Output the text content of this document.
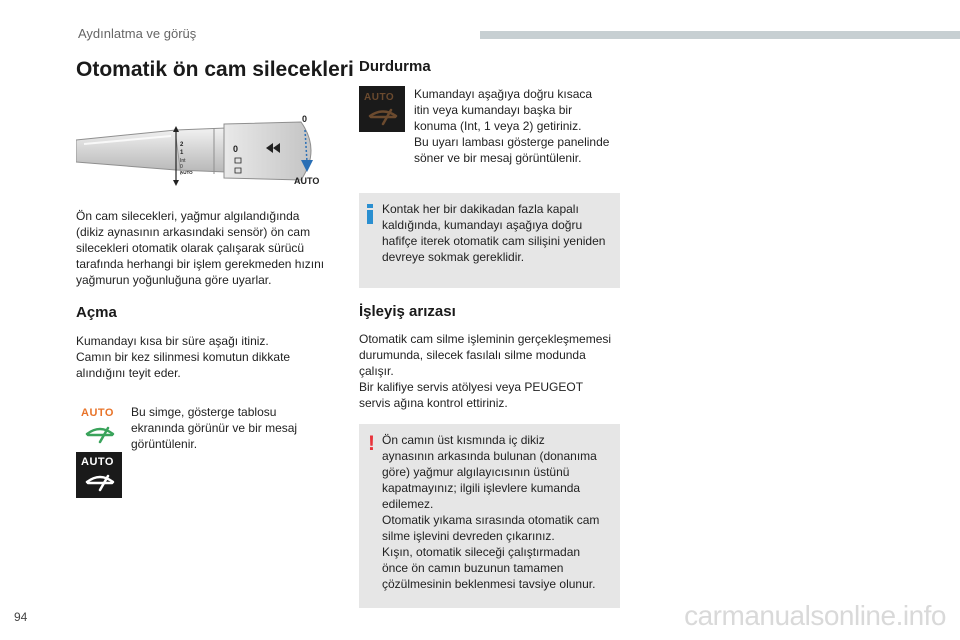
Aydınlatma ve görüş
Otomatik ön cam silecekleri
2
1
Int
0
AUTO
0
0
AUTO
Ön cam silecekleri, yağmur algılandığında
(dikiz aynasının arkasındaki sensör) ön cam
silecekleri otomatik olarak çalışarak sürücü
tarafında herhangi bir işlem gerekmeden hızını
yağmurun yoğunluğuna göre uyarlar.
Açma
Kumandayı kısa bir süre aşağı itiniz.
Camın bir kez silinmesi komutun dikkate
alındığını teyit eder.
AUTO
AUTO
Bu simge, gösterge tablosu
ekranında görünür ve bir mesaj
görüntülenir.
Durdurma
AUTO Kumandayı aşağıya doğru kısaca
itin veya kumandayı başka bir
konuma (Int, 1 veya 2) getiriniz.
Bu uyarı lambası gösterge panelinde
söner ve bir mesaj görüntülenir.
Kontak her bir dakikadan fazla kapalı
kaldığında, kumandayı aşağıya doğru
hafifçe iterek otomatik cam silişini yeniden
devreye sokmak gereklidir.
İşleyiş arızası
Otomatik cam silme işleminin gerçekleşmemesi
durumunda, silecek fasılalı silme modunda
çalışır.
Bir kalifiye servis atölyesi veya PEUGEOT
servis ağına kontrol ettiriniz.
! Ön camın üst kısmında iç dikiz
aynasının arkasında bulunan (donanıma
göre) yağmur algılayıcısının üstünü
kapatmayınız; ilgili işlevlere kumanda
edilemez.
Otomatik yıkama sırasında otomatik cam
silme işlevini devreden çıkarınız.
Kışın, otomatik sileceği çalıştırmadan
önce ön camın buzunun tamamen
çözülmesinin beklenmesi tavsiye olunur.
94	carmanualsonline.info
